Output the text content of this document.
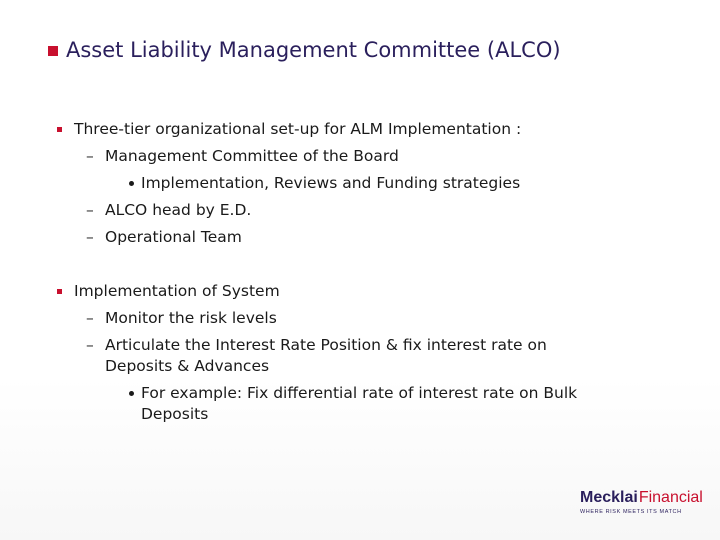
Asset Liability Management Committee (ALCO)
Three-tier organizational set-up for ALM Implementation :
– Management Committee of the Board
Implementation, Reviews and Funding strategies
– ALCO head by E.D.
– Operational Team
Implementation of System
– Monitor the risk levels
– Articulate the Interest Rate Position & fix interest rate on
Deposits & Advances
For example: Fix differential rate of interest rate on Bulk
Deposits
MecklaiFinancial
WHERE RISK MEETS ITS MATCH
